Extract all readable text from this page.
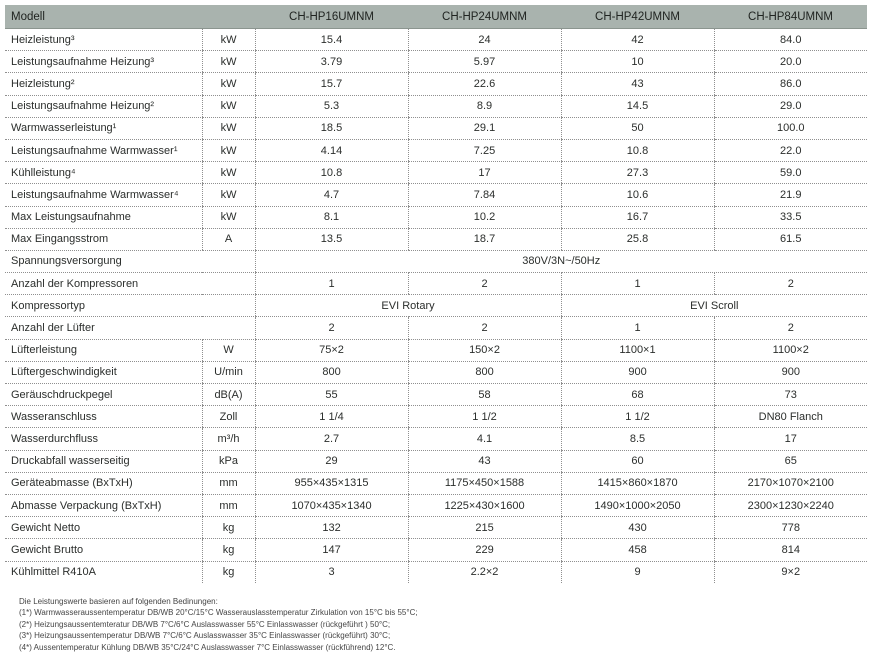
Modell		CH-HP16UMNM	CH-HP24UMNM	CH-HP42UMNM	CH-HP84UMNM
Heizleistung³	kW	15.4	24	42	84.0
Leistungsaufnahme Heizung³	kW	3.79	5.97	10	20.0
Heizleistung²	kW	15.7	22.6	43	86.0
Leistungsaufnahme Heizung²	kW	5.3	8.9	14.5	29.0
Warmwasserleistung¹	kW	18.5	29.1	50	100.0
Leistungsaufnahme Warmwasser¹	kW	4.14	7.25	10.8	22.0
Kühlleistung⁴	kW	10.8	17	27.3	59.0
Leistungsaufnahme Warmwasser⁴	kW	4.7	7.84	10.6	21.9
Max Leistungsaufnahme	kW	8.1	10.2	16.7	33.5
Max Eingangsstrom	A	13.5	18.7	25.8	61.5
Spannungsversorgung		380V/3N~/50Hz			
Anzahl der Kompressoren		1	2	1	2
Kompressortyp		EVI Rotary		EVI Scroll	
Anzahl der Lüfter		2	2	1	2
Lüfterleistung	W	75×2	150×2	1100×1	1100×2
Lüftergeschwindigkeit	U/min	800	800	900	900
Geräuschdruckpegel	dB(A)	55	58	68	73
Wasseranschluss	Zoll	1 1/4	1 1/2	1 1/2	DN80 Flanch
Wasserdurchfluss	m³/h	2.7	4.1	8.5	17
Druckabfall wasserseitig	kPa	29	43	60	65
Geräteabmasse (BxTxH)	mm	955×435×1315	1175×450×1588	1415×860×1870	2170×1070×2100
Abmasse Verpackung (BxTxH)	mm	1070×435×1340	1225×430×1600	1490×1000×2050	2300×1230×2240
Gewicht Netto	kg	132	215	430	778
Gewicht Brutto	kg	147	229	458	814
Kühlmittel R410A	kg	3	2.2×2	9	9×2
Die Leistungswerte basieren auf folgenden Bedinungen:
(1*) Warmwasseraussentemperatur DB/WB 20°C/15°C Wasserauslasstemperatur Zirkulation von 15°C bis 55°C;
(2*) Heizungsaussentemteratur DB/WB 7°C/6°C Auslasswasser 55°C Einlasswasser (rückgeführt ) 50°C;
(3*) Heizungsaussentemperatur DB/WB 7°C/6°C Auslasswasser 35°C Einlasswasser (rückgeführt) 30°C;
(4*) Aussentemperatur Kühlung DB/WB 35°C/24°C Auslasswasser 7°C Einlasswasser (rückführend) 12°C.
